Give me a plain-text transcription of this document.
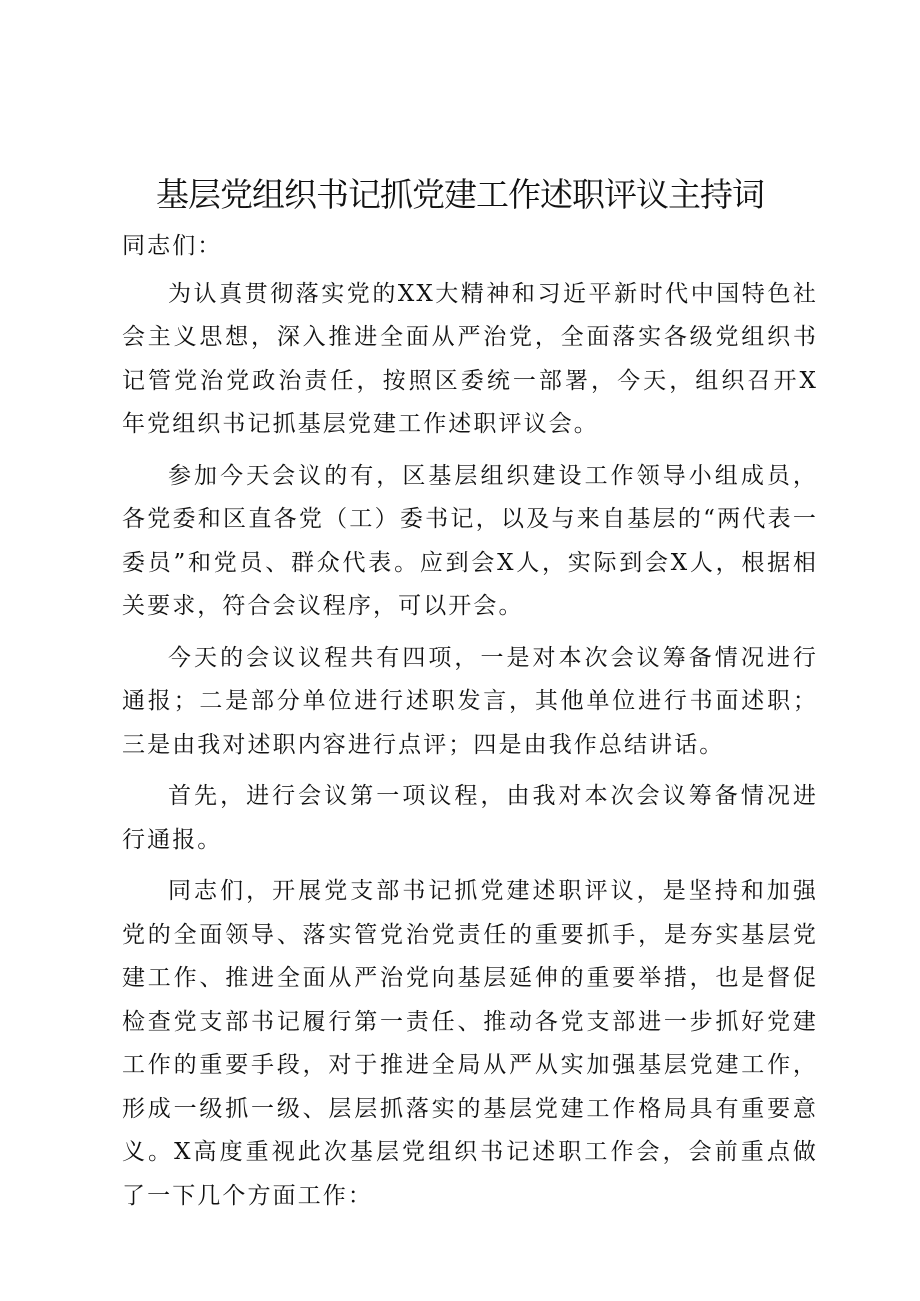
基层党组织书记抓党建工作述职评议主持词

同志们：

为认真贯彻落实党的XX大精神和习近平新时代中国特色社会主义思想，深入推进全面从严治党，全面落实各级党组织书记管党治党政治责任，按照区委统一部署，今天，组织召开X年党组织书记抓基层党建工作述职评议会。

参加今天会议的有，区基层组织建设工作领导小组成员，各党委和区直各党（工）委书记，以及与来自基层的“两代表一委员”和党员、群众代表。应到会X人，实际到会X人，根据相关要求，符合会议程序，可以开会。

今天的会议议程共有四项，一是对本次会议筹备情况进行通报；二是部分单位进行述职发言，其他单位进行书面述职；三是由我对述职内容进行点评；四是由我作总结讲话。

首先，进行会议第一项议程，由我对本次会议筹备情况进行通报。

同志们，开展党支部书记抓党建述职评议，是坚持和加强党的全面领导、落实管党治党责任的重要抓手，是夯实基层党建工作、推进全面从严治党向基层延伸的重要举措，也是督促检查党支部书记履行第一责任、推动各党支部进一步抓好党建工作的重要手段，对于推进全局从严从实加强基层党建工作，形成一级抓一级、层层抓落实的基层党建工作格局具有重要意义。X高度重视此次基层党组织书记述职工作会，会前重点做了一下几个方面工作：
